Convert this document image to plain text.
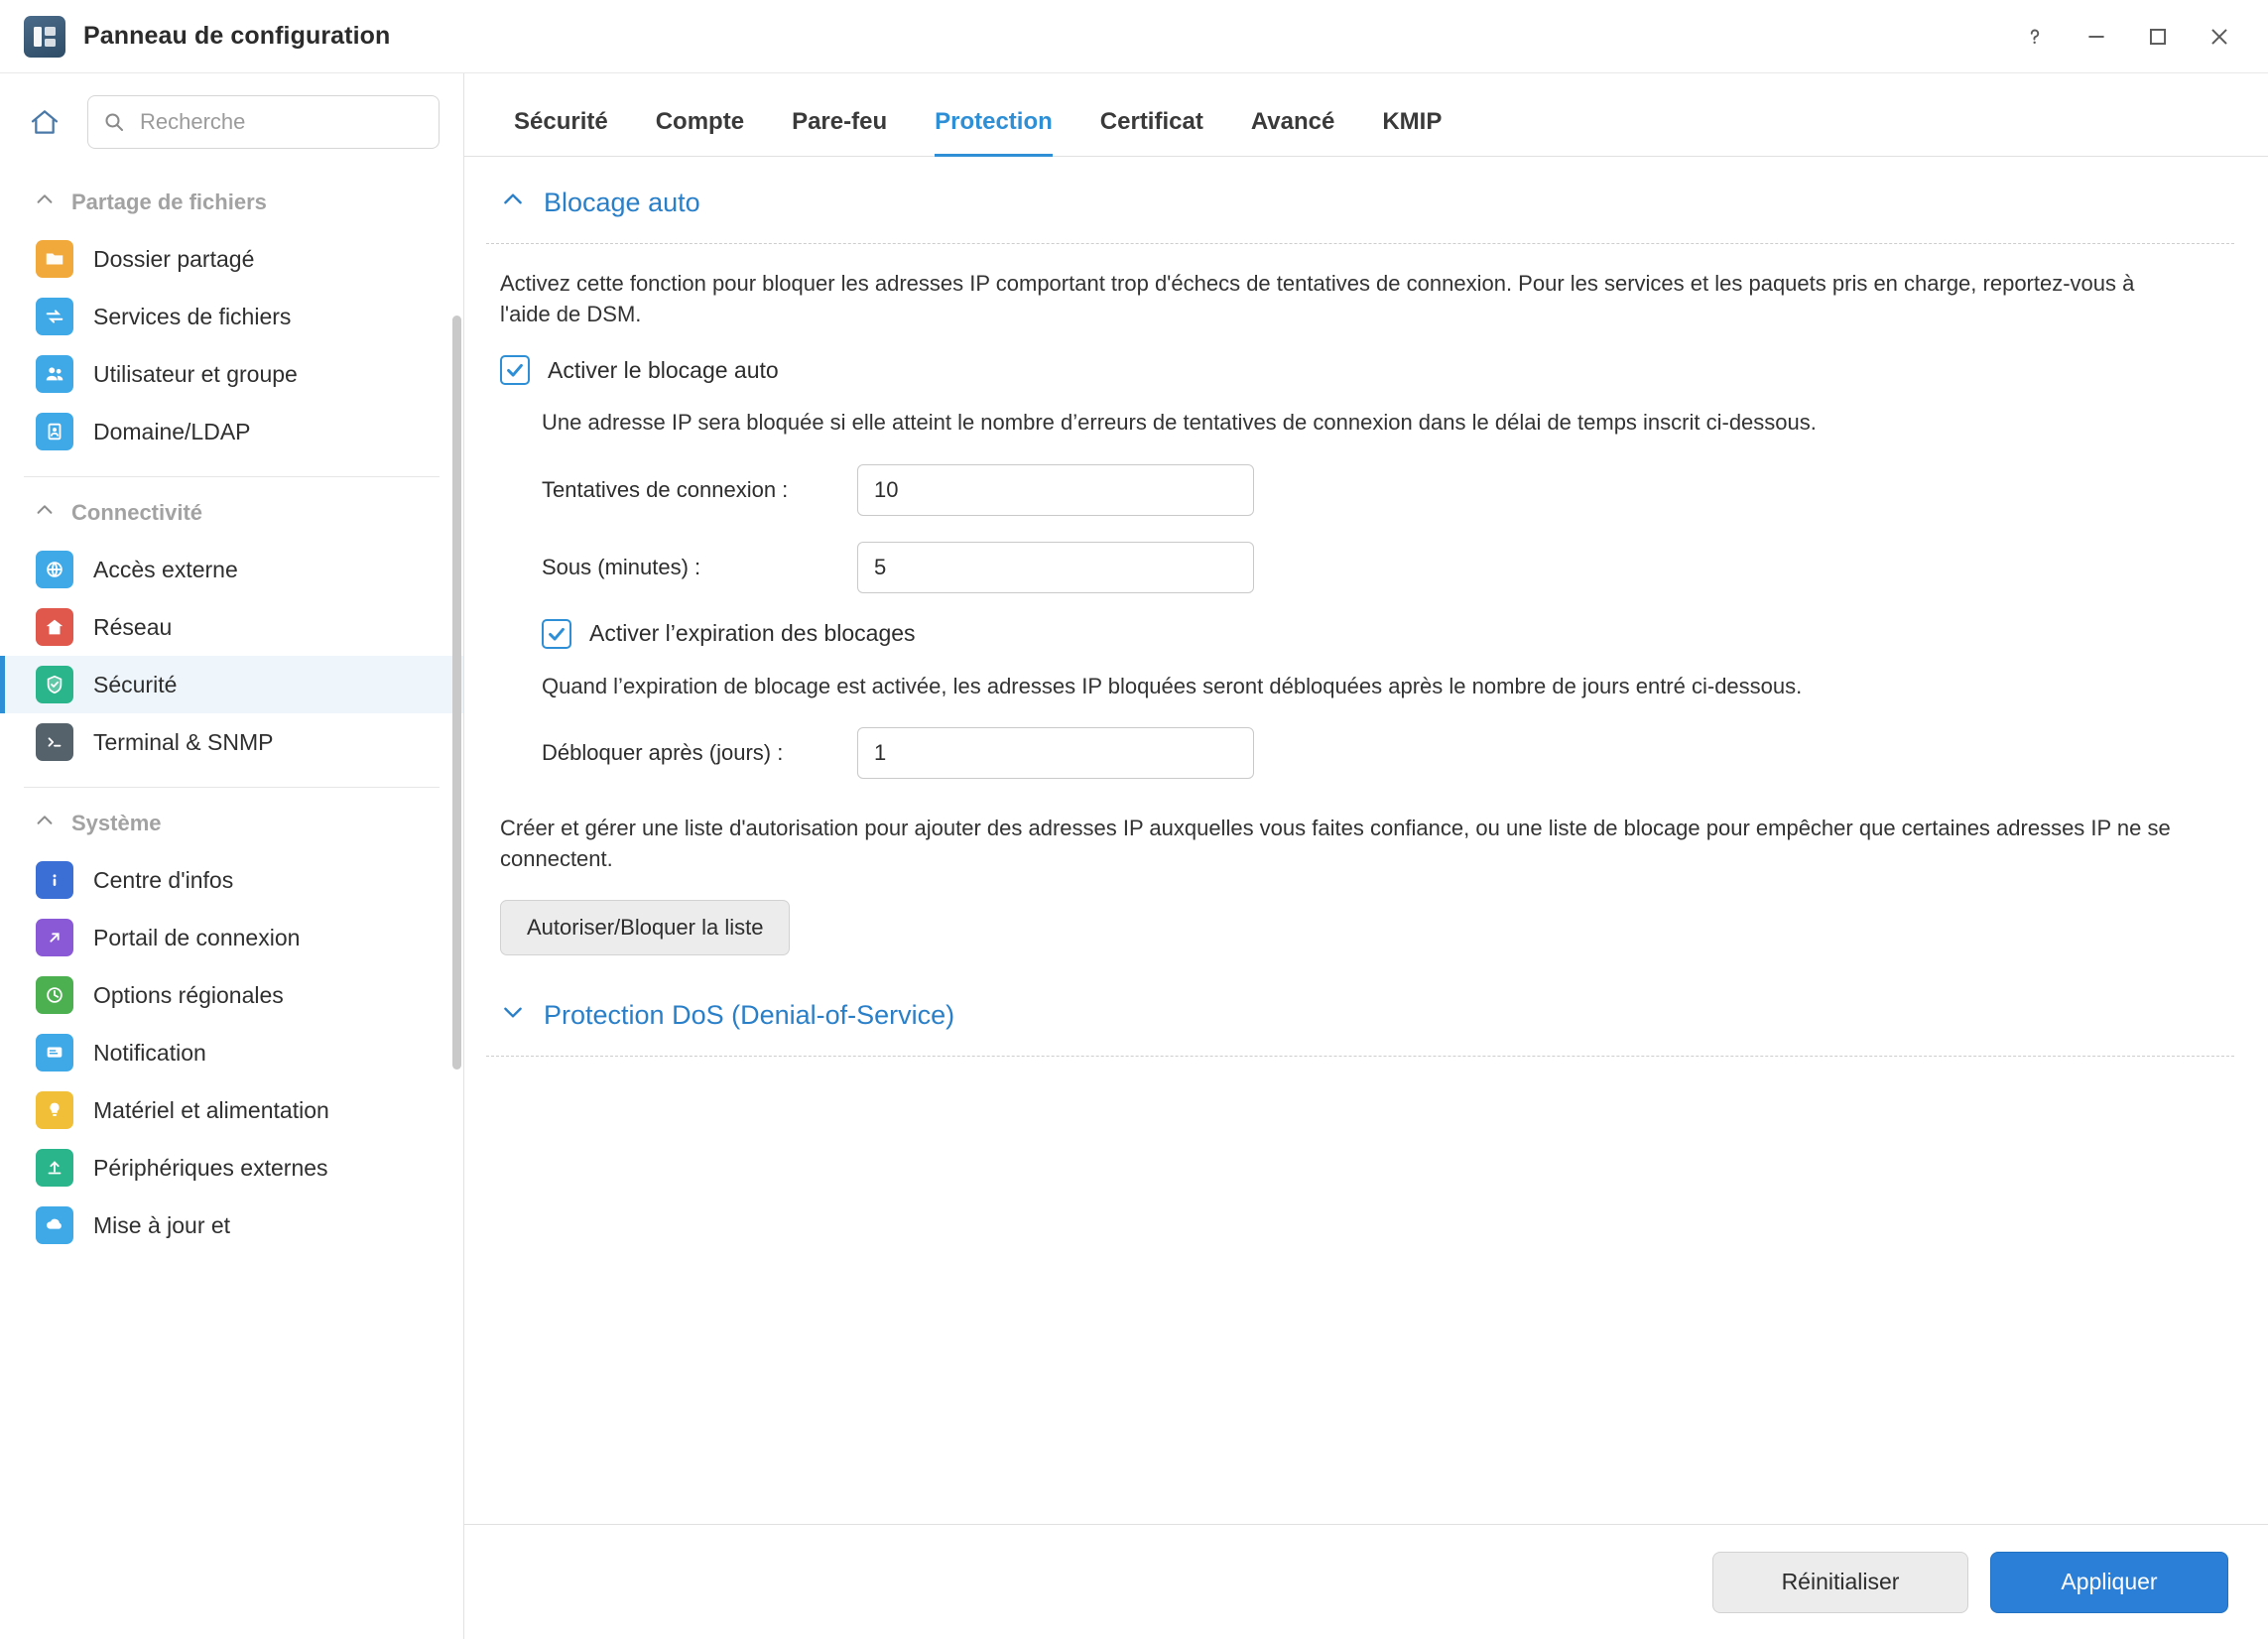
Panneau de configuration
Recherche
Partage de fichiers
Dossier partagé
Services de fichiers
Utilisateur et groupe
Domaine/LDAP
Connectivité
Accès externe
Réseau
Sécurité
Terminal & SNMP
Système
Centre d'infos
Portail de connexion
Options régionales
Notification
Matériel et alimentation
Périphériques externes
Mise à jour et
Sécurité	Compte	Pare-feu	Protection	Certificat	Avancé	KMIP
Blocage auto
Activez cette fonction pour bloquer les adresses IP comportant trop d'échecs de tentatives de connexion. Pour les services et les paquets pris en charge, reportez-vous à l'aide de DSM.
Activer le blocage auto
Une adresse IP sera bloquée si elle atteint le nombre d’erreurs de tentatives de connexion dans le délai de temps inscrit ci-dessous.
Tentatives de connexion :
10
Sous (minutes) :
5
Activer l’expiration des blocages
Quand l’expiration de blocage est activée, les adresses IP bloquées seront débloquées après le nombre de jours entré ci-dessous.
Débloquer après (jours) :
1
Créer et gérer une liste d'autorisation pour ajouter des adresses IP auxquelles vous faites confiance, ou une liste de blocage pour empêcher que certaines adresses IP ne se connectent.
Autoriser/Bloquer la liste
Protection DoS (Denial-of-Service)
Réinitialiser	Appliquer
